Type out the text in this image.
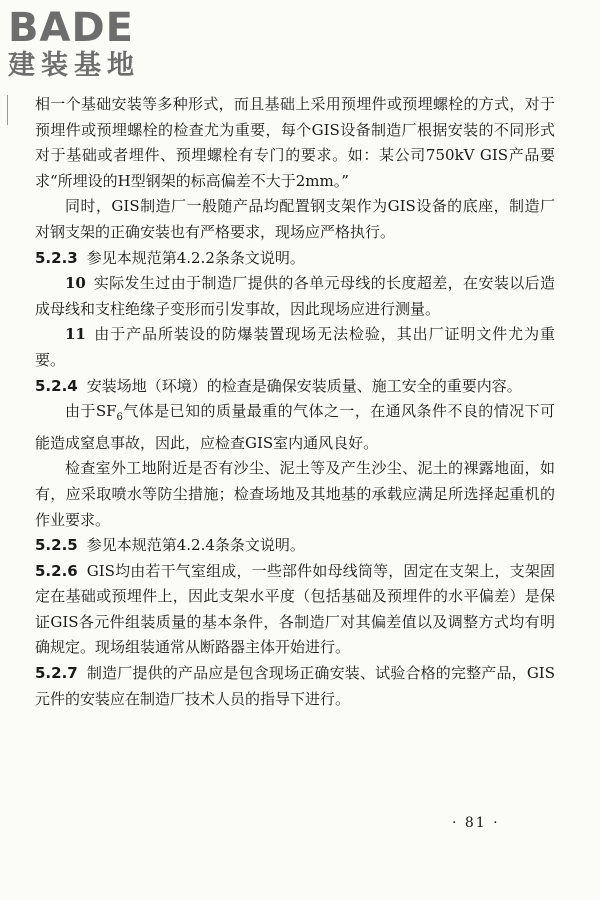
BADE
建装基地

相一个基础安装等多种形式，而且基础上采用预埋件或预埋螺栓的方式，对于预埋件或预埋螺栓的检查尤为重要，每个GIS设备制造厂根据安装的不同形式对于基础或者埋件、预埋螺栓有专门的要求。如：某公司750kV GIS产品要求“所埋设的H型钢架的标高偏差不大于2mm。”

同时，GIS制造厂一般随产品均配置钢支架作为GIS设备的底座，制造厂对钢支架的正确安装也有严格要求，现场应严格执行。

5.2.3 参见本规范第4.2.2条条文说明。

10 实际发生过由于制造厂提供的各单元母线的长度超差，在安装以后造成母线和支柱绝缘子变形而引发事故，因此现场应进行测量。

11 由于产品所装设的防爆装置现场无法检验，其出厂证明文件尤为重要。

5.2.4 安装场地（环境）的检查是确保安装质量、施工安全的重要内容。

由于$SF_6$气体是已知的质量最重的气体之一，在通风条件不良的情况下可能造成窒息事故，因此，应检查GIS室内通风良好。

检查室外工地附近是否有沙尘、泥土等及产生沙尘、泥土的裸露地面，如有，应采取喷水等防尘措施；检查场地及其地基的承载应满足所选择起重机的作业要求。

5.2.5 参见本规范第4.2.4条条文说明。

5.2.6 GIS均由若干气室组成，一些部件如母线筒等，固定在支架上，支架固定在基础或预埋件上，因此支架水平度（包括基础及预埋件的水平偏差）是保证GIS各元件组装质量的基本条件，各制造厂对其偏差值以及调整方式均有明确规定。现场组装通常从断路器主体开始进行。

5.2.7 制造厂提供的产品应是包含现场正确安装、试验合格的完整产品，GIS元件的安装应在制造厂技术人员的指导下进行。

· 81 ·
